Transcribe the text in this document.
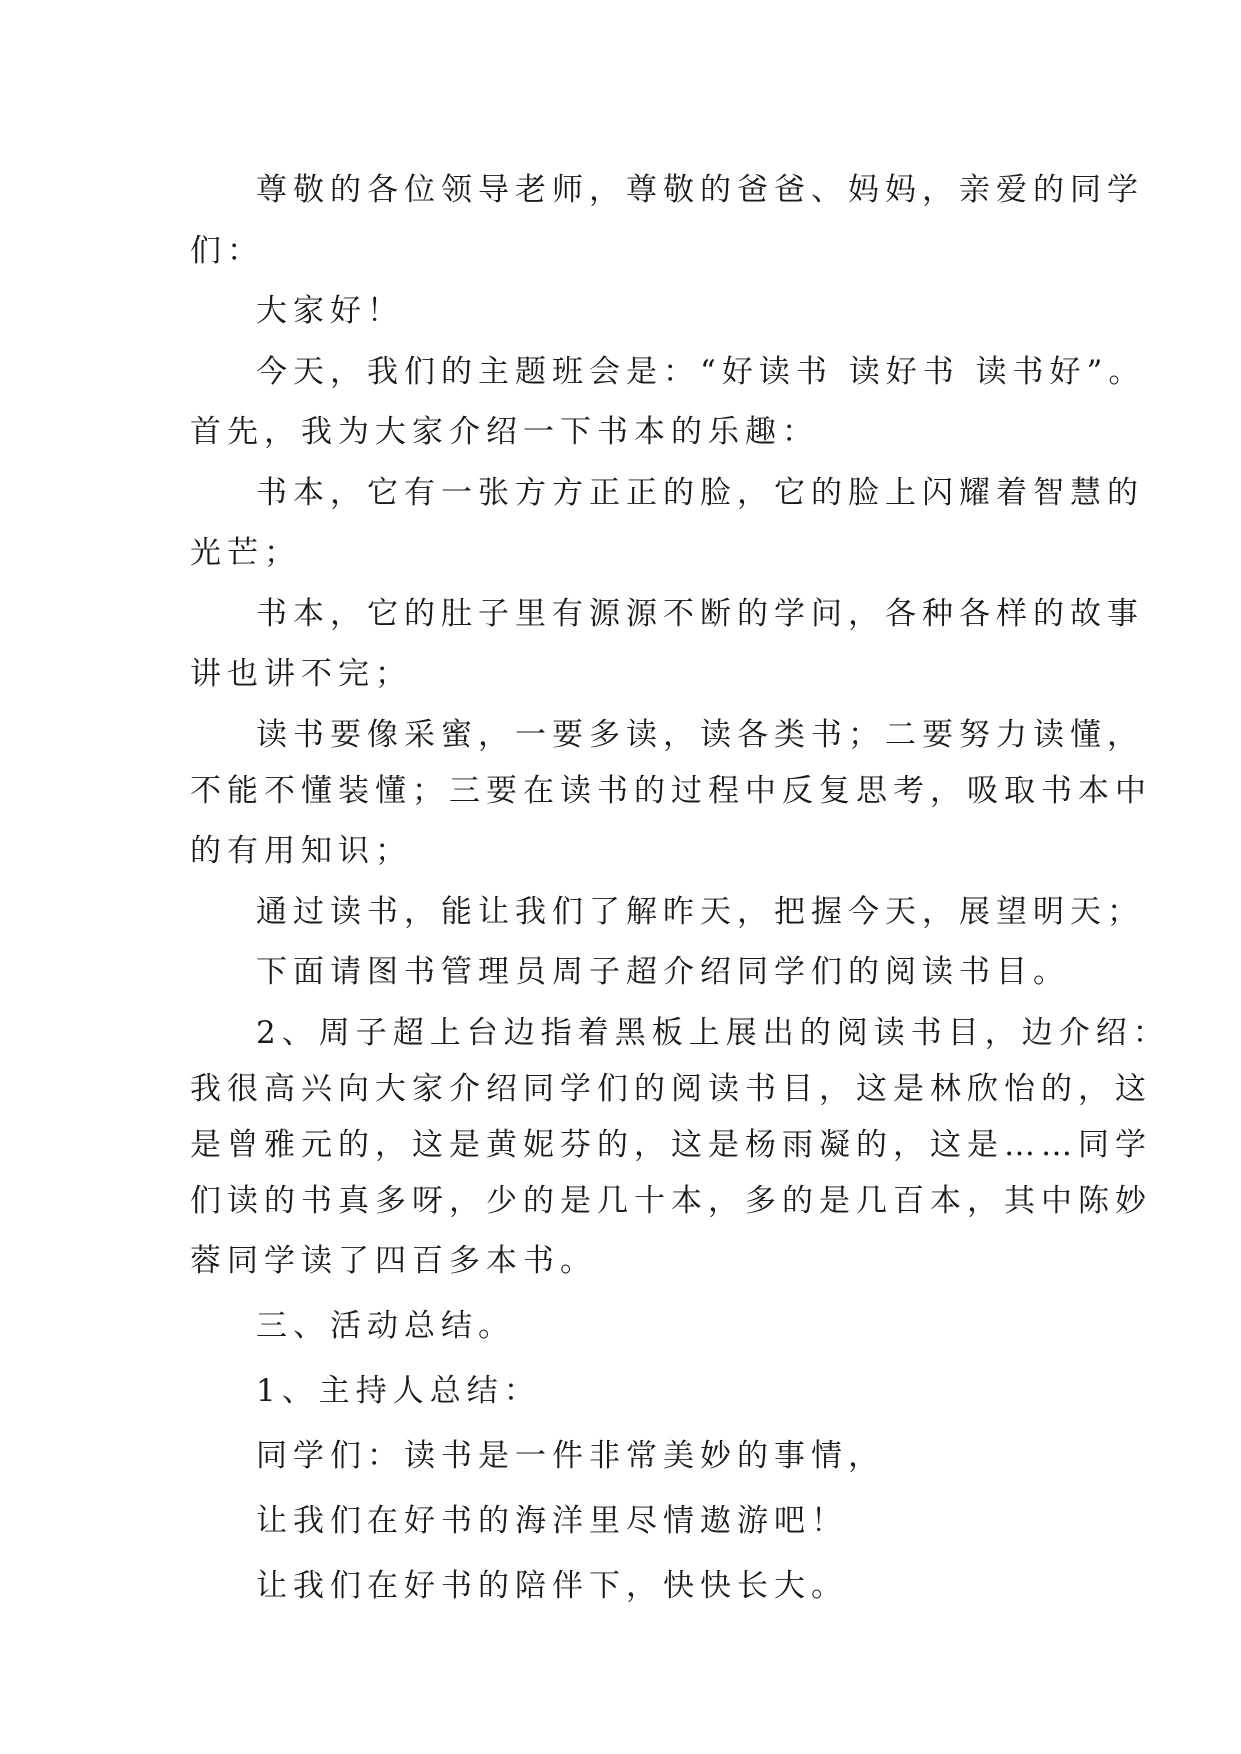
尊敬的各位领导老师，尊敬的爸爸、妈妈，亲爱的同学
们：
大家好！
今天，我们的主题班会是：“好读书 读好书 读书好”。
首先，我为大家介绍一下书本的乐趣：
书本，它有一张方方正正的脸，它的脸上闪耀着智慧的
光芒；
书本，它的肚子里有源源不断的学问，各种各样的故事
讲也讲不完；
读书要像采蜜，一要多读，读各类书；二要努力读懂，
不能不懂装懂；三要在读书的过程中反复思考，吸取书本中
的有用知识；
通过读书，能让我们了解昨天，把握今天，展望明天；
下面请图书管理员周子超介绍同学们的阅读书目。
2、周子超上台边指着黑板上展出的阅读书目，边介绍：
我很高兴向大家介绍同学们的阅读书目，这是林欣怡的，这
是曾雅元的，这是黄妮芬的，这是杨雨凝的，这是……同学
们读的书真多呀，少的是几十本，多的是几百本，其中陈妙
蓉同学读了四百多本书。
三、活动总结。
1、主持人总结：
同学们：读书是一件非常美妙的事情，
让我们在好书的海洋里尽情遨游吧！
让我们在好书的陪伴下，快快长大。
